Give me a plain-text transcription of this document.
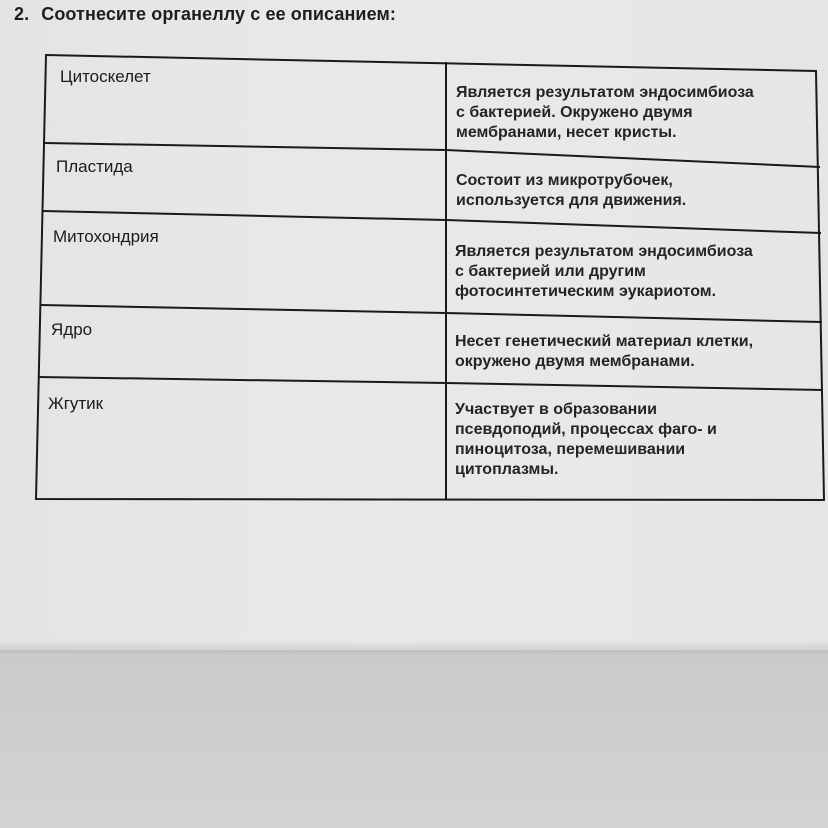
2. Соотнесите органеллу с ее описанием:
Цитоскелет
Является результатом эндосимбиоза
с бактерией. Окружено двумя
мембранами, несет кристы.
Пластида
Состоит из микротрубочек,
используется для движения.
Митохондрия
Является результатом эндосимбиоза
с бактерией или другим
фотосинтетическим эукариотом.
Ядро
Несет генетический материал клетки,
окружено двумя мембранами.
Жгутик	Участвует в образовании
псевдоподий, процессах фаго- и
пиноцитоза, перемешивании
цитоплазмы.
